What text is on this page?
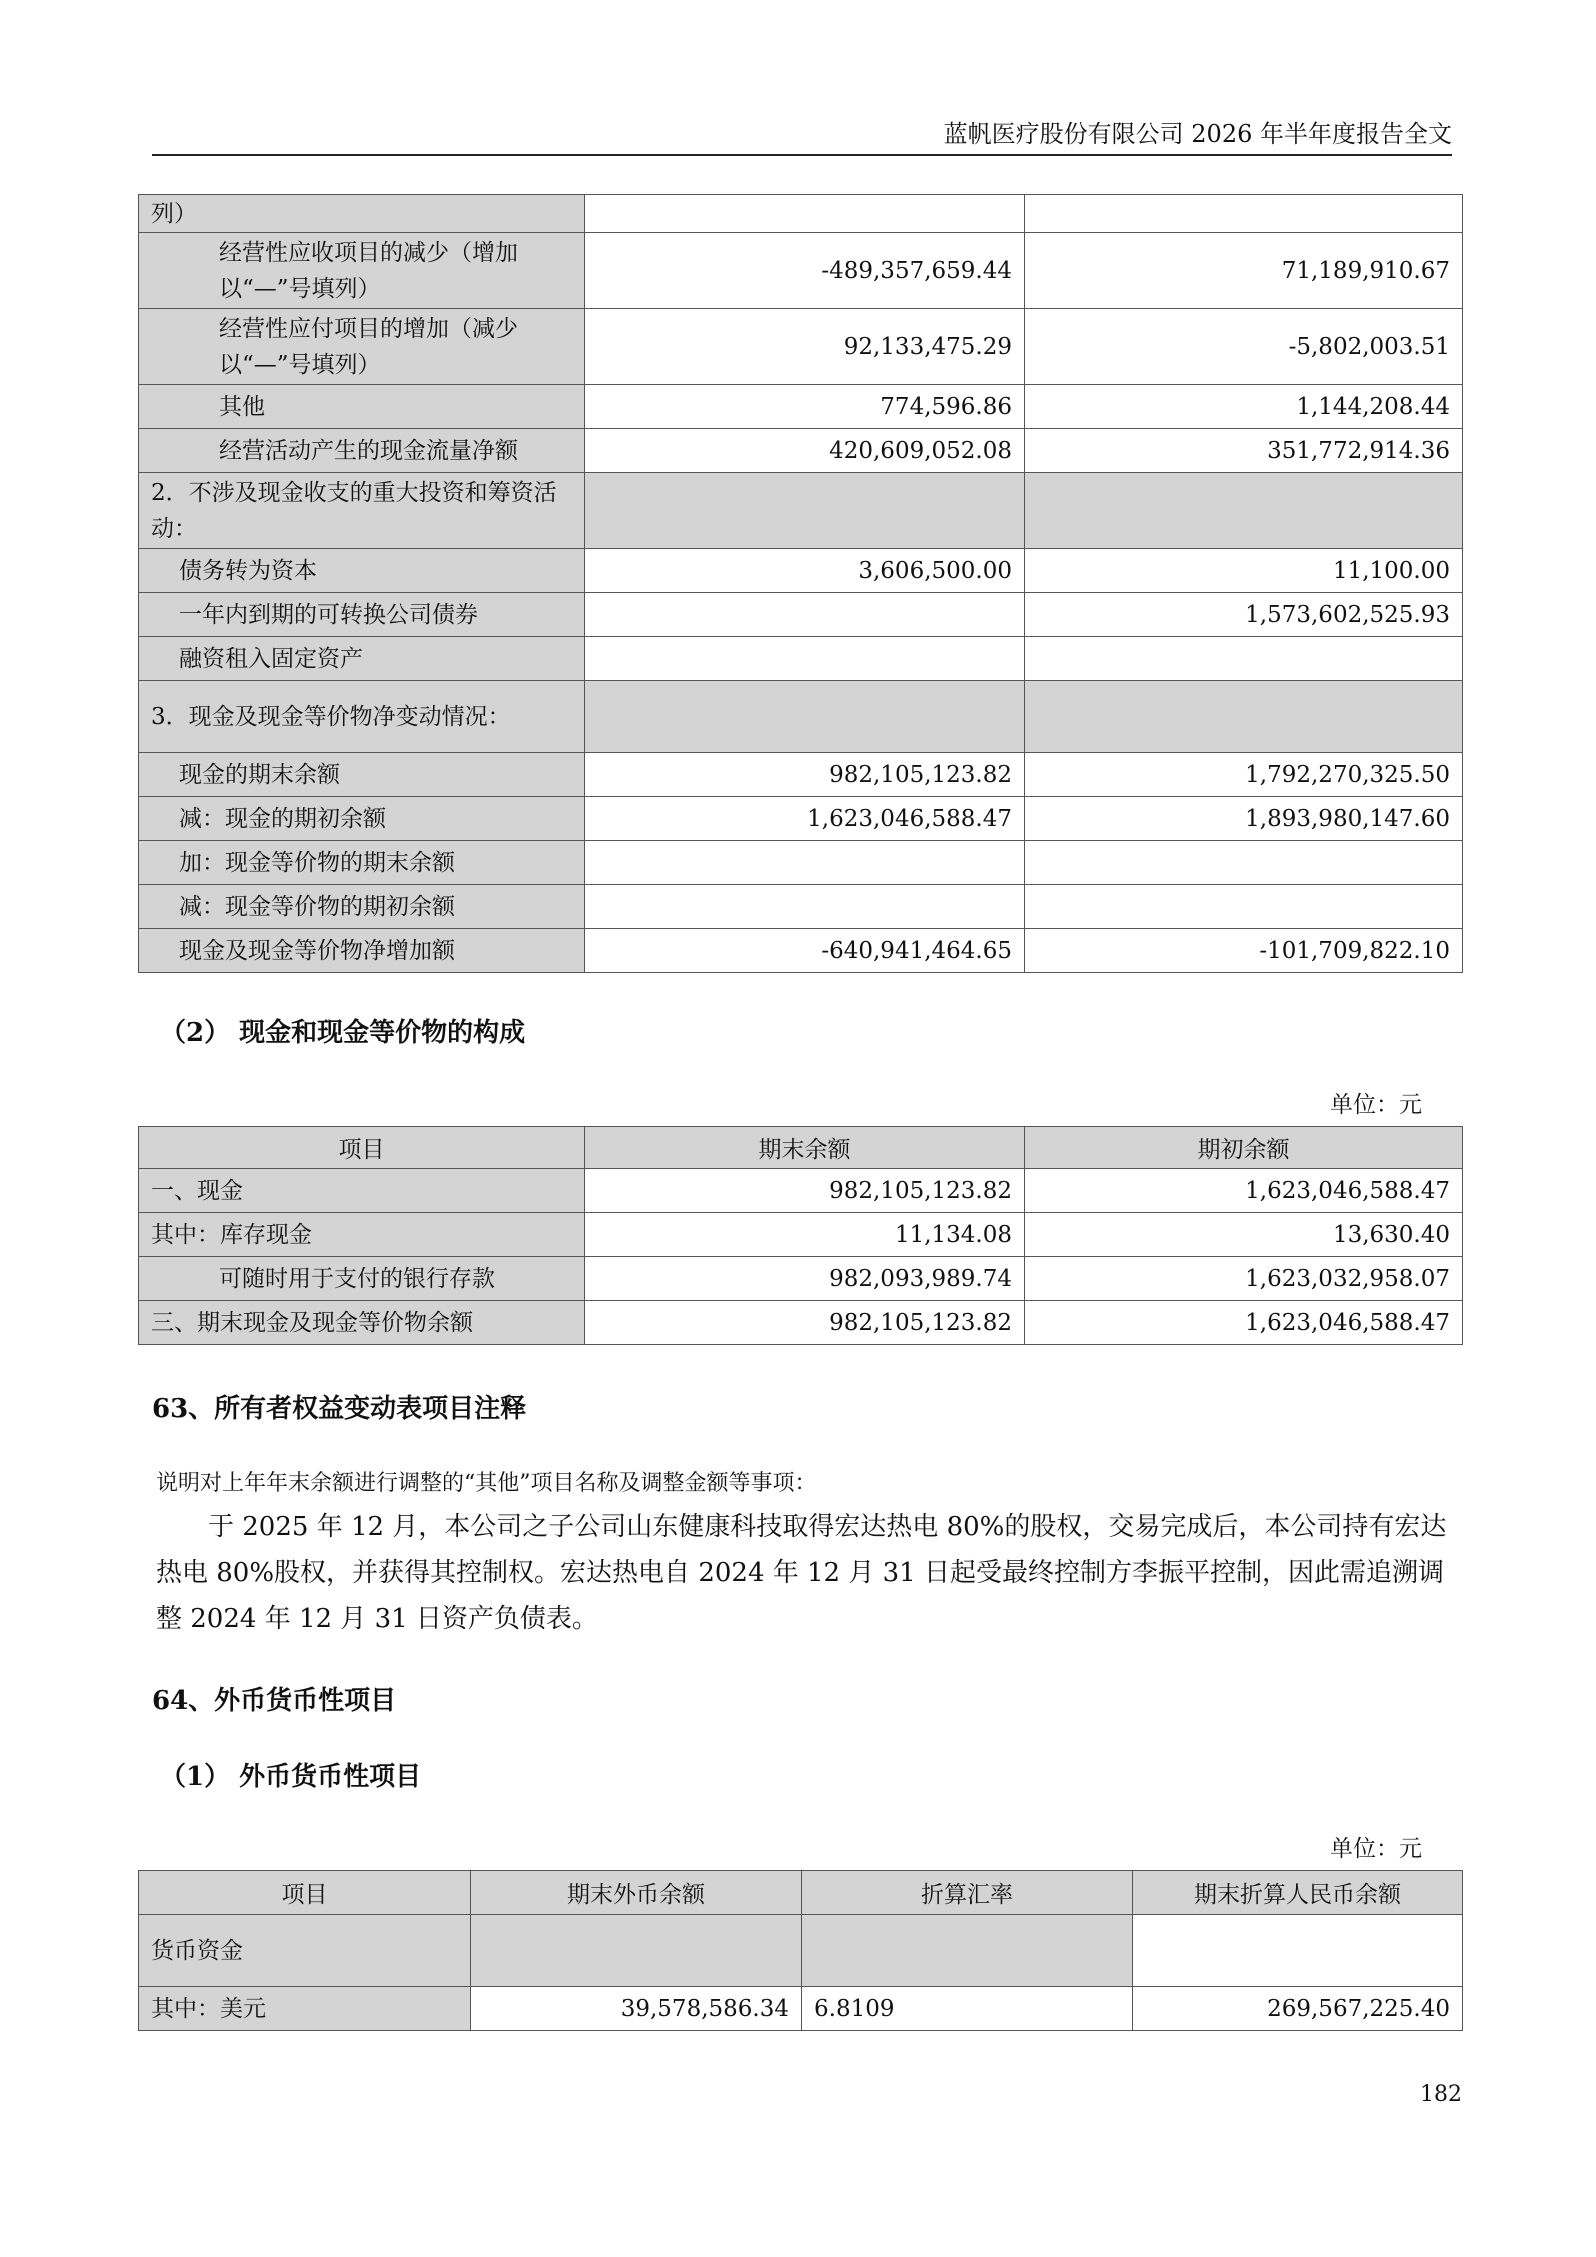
蓝帆医疗股份有限公司 2026 年半年度报告全文
列）		
经营性应收项目的减少（增加以“—”号填列）	-489,357,659.44	71,189,910.67
经营性应付项目的增加（减少以“—”号填列）	92,133,475.29	-5,802,003.51
其他	774,596.86	1,144,208.44
经营活动产生的现金流量净额	420,609,052.08	351,772,914.36
2．不涉及现金收支的重大投资和筹资活动：		
债务转为资本	3,606,500.00	11,100.00
一年内到期的可转换公司债券		1,573,602,525.93
融资租入固定资产		
3．现金及现金等价物净变动情况：		
现金的期末余额	982,105,123.82	1,792,270,325.50
减：现金的期初余额	1,623,046,588.47	1,893,980,147.60
加：现金等价物的期末余额		
减：现金等价物的期初余额		
现金及现金等价物净增加额	-640,941,464.65	-101,709,822.10
（2） 现金和现金等价物的构成
单位：元
项目	期末余额	期初余额
一、现金	982,105,123.82	1,623,046,588.47
其中：库存现金	11,134.08	13,630.40
可随时用于支付的银行存款	982,093,989.74	1,623,032,958.07
三、期末现金及现金等价物余额	982,105,123.82	1,623,046,588.47
63、所有者权益变动表项目注释
说明对上年年末余额进行调整的“其他”项目名称及调整金额等事项：
于 2025 年 12 月，本公司之子公司山东健康科技取得宏达热电 80%的股权，交易完成后，本公司持有宏达热电 80%股权，并获得其控制权。宏达热电自 2024 年 12 月 31 日起受最终控制方李振平控制，因此需追溯调整 2024 年 12 月 31 日资产负债表。
64、外币货币性项目
（1） 外币货币性项目
单位：元
项目	期末外币余额	折算汇率	期末折算人民币余额
货币资金			
其中：美元	39,578,586.34	6.8109	269,567,225.40
182
